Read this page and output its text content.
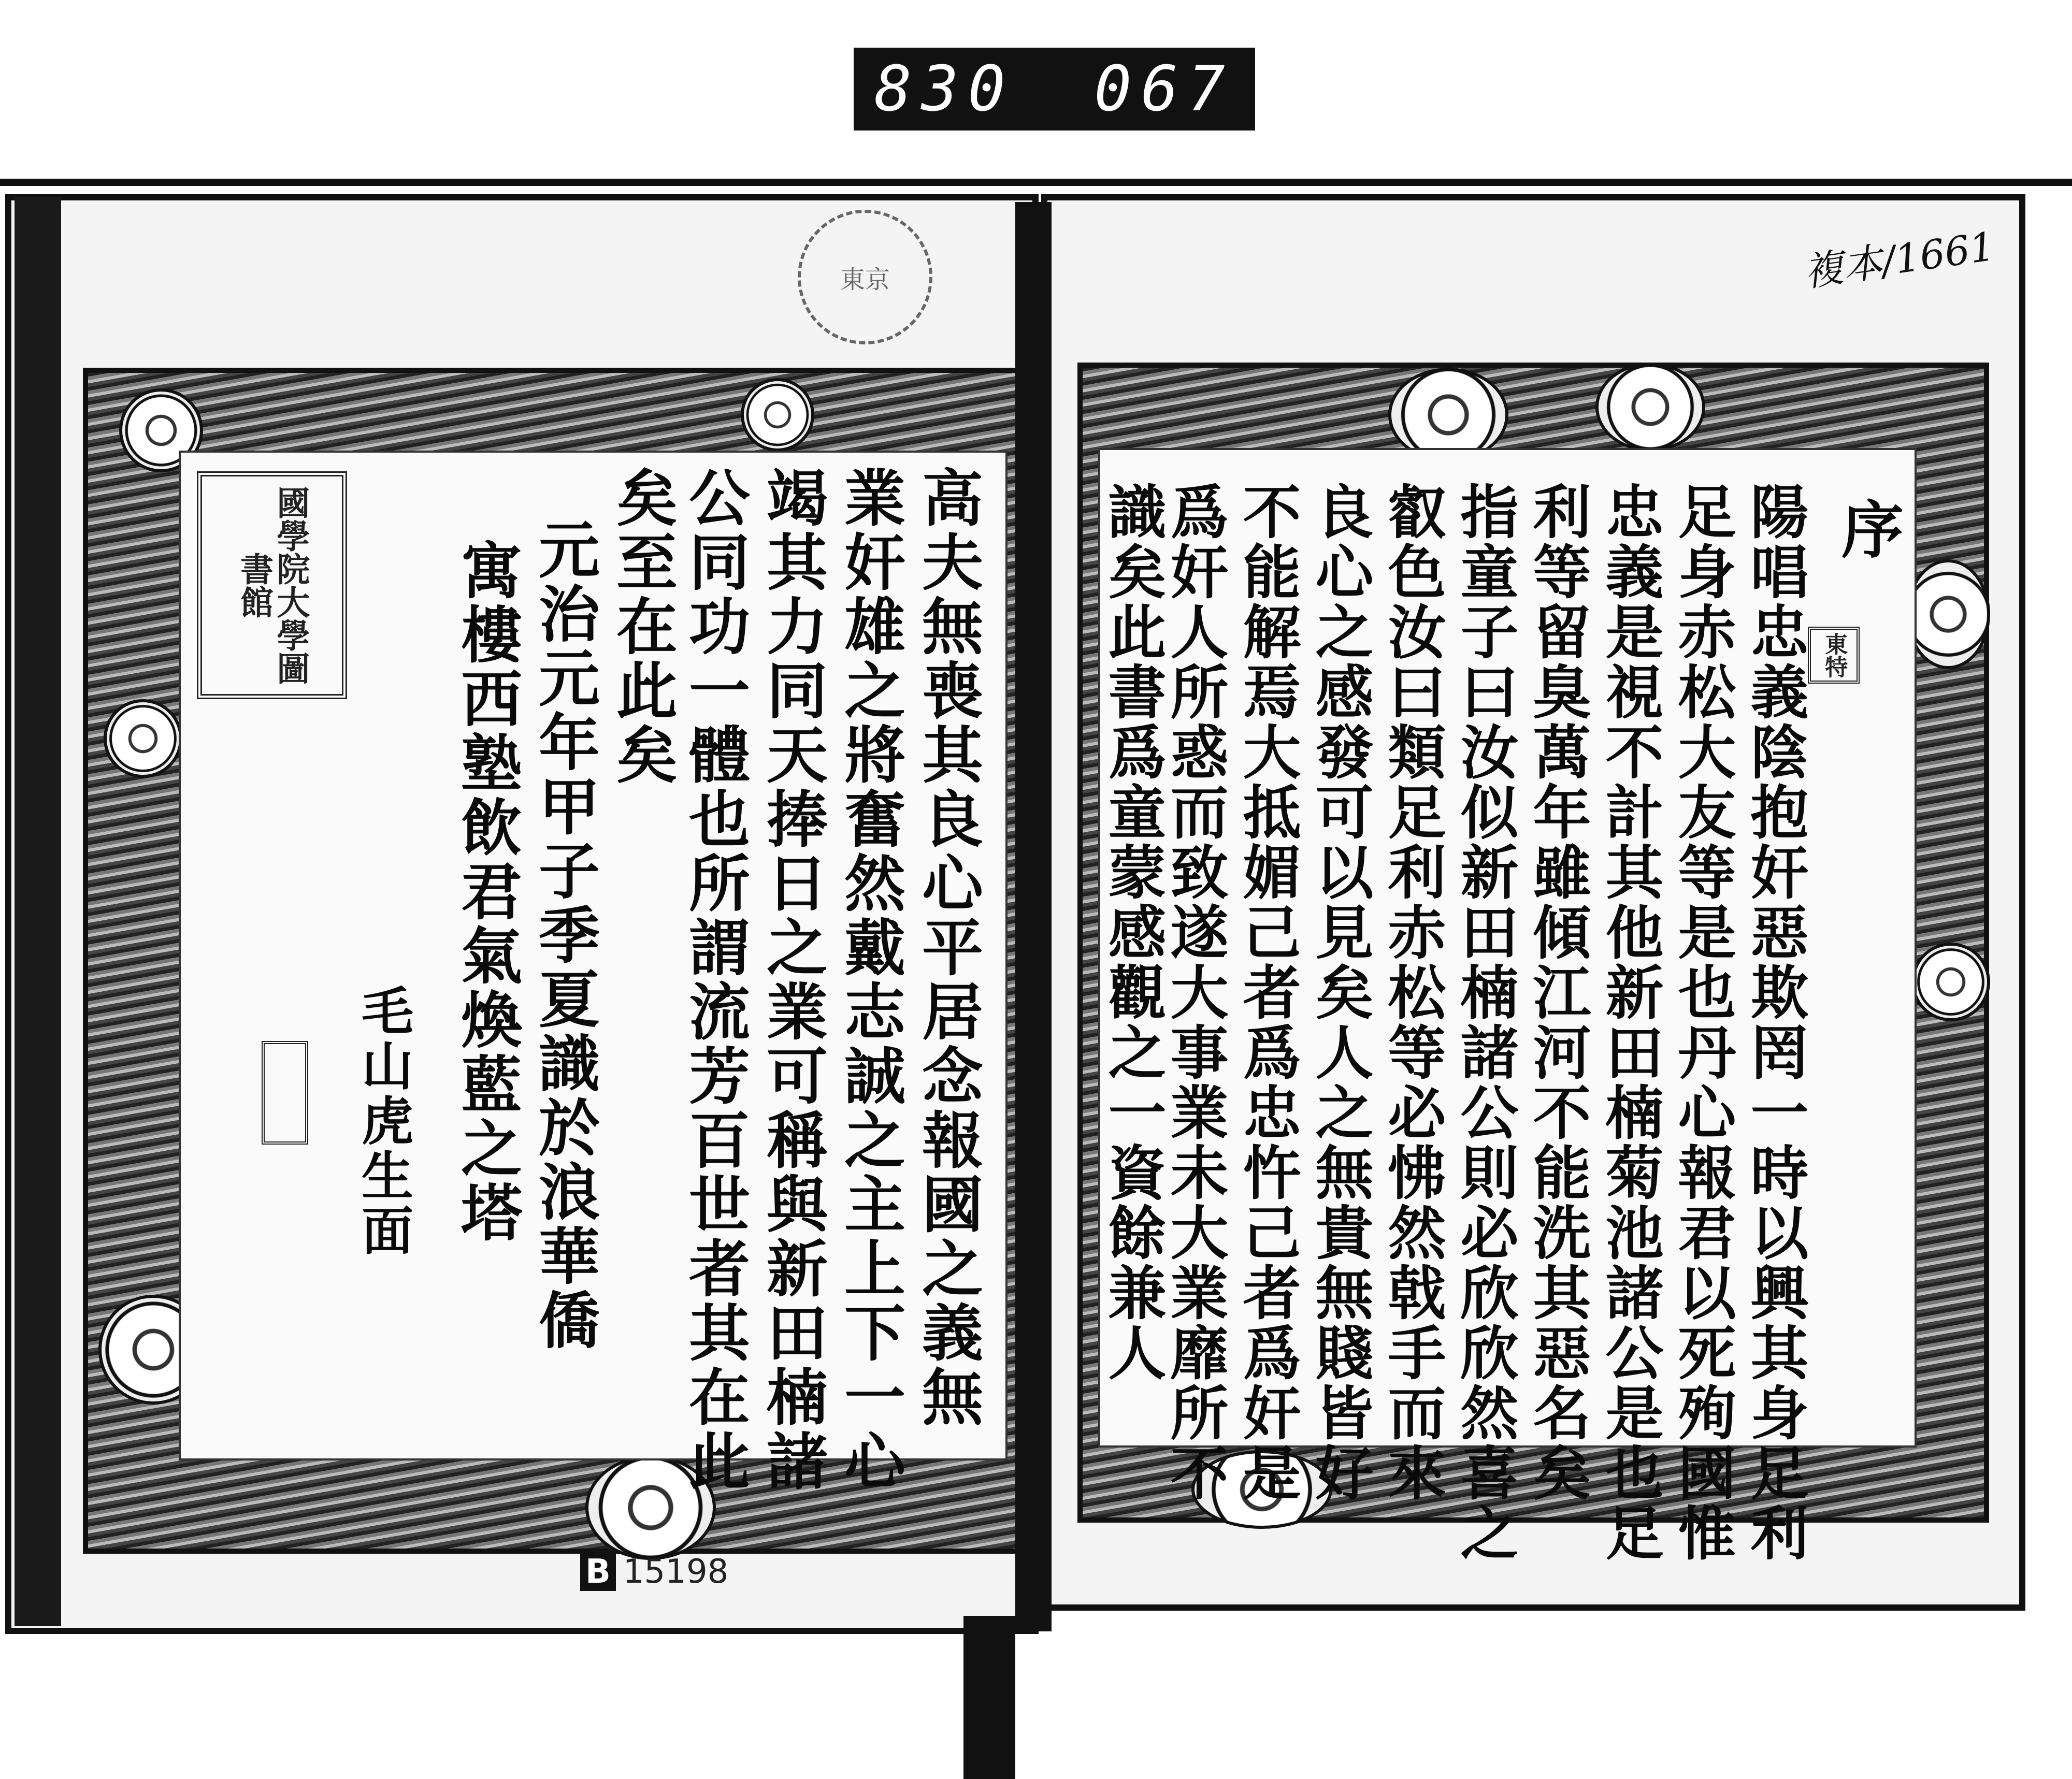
830 067
東京
國學院大學圖書館
東特
複本/1661
序
陽唱忠義陰抱奸惡欺罔一時以興其身足利
足身赤松大友等是也丹心報君以死殉國惟
忠義是視不計其他新田楠菊池諸公是也足
利等留臭萬年雖傾江河不能洗其惡名矣
指童子曰汝似新田楠諸公則必欣欣然喜之
叡色汝曰類足利赤松等必怫然戟手而來
良心之感發可以見矣人之無貴無賤皆好
不能解焉大抵媚己者爲忠忤己者爲奸是
爲奸人所惑而致遂大事業未大業靡所不
識矣此書爲童蒙感觀之一資餘兼人
高夫無喪其良心平居念報國之義無
業奸雄之將奮然戴志誠之主上下一心
竭其力同天捧日之業可稱與新田楠諸
公同功一體也所謂流芳百世者其在此
矣至在此矣
元治元年甲子季夏識於浪華僑
寓樓西塾飲君氣煥藍之塔
毛山虎生面
B 15198
